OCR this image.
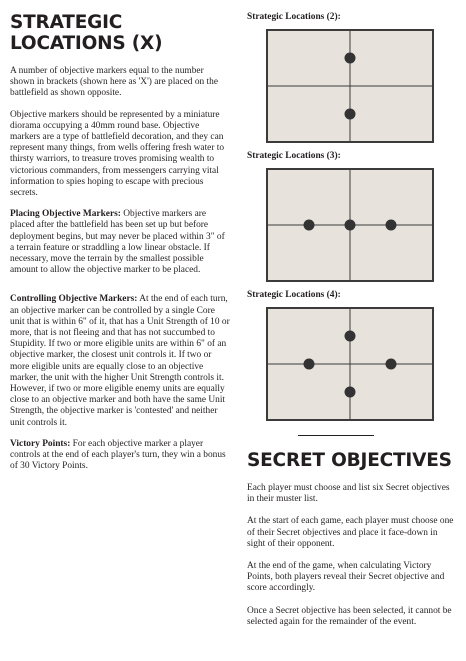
STRATEGIC LOCATIONS (X)

A number of objective markers equal to the number shown in brackets (shown here as 'X') are placed on the battlefield as shown opposite.

Objective markers should be represented by a miniature diorama occupying a 40mm round base. Objective markers are a type of battlefield decoration, and they can represent many things, from wells offering fresh water to thirsty warriors, to treasure troves promising wealth to victorious commanders, from messengers carrying vital information to spies hoping to escape with precious secrets.

Placing Objective Markers: Objective markers are placed after the battlefield has been set up but before deployment begins, but may never be placed within 3" of a terrain feature or straddling a low linear obstacle. If necessary, move the terrain by the smallest possible amount to allow the objective marker to be placed.

Controlling Objective Markers: At the end of each turn, an objective marker can be controlled by a single Core unit that is within 6" of it, that has a Unit Strength of 10 or more, that is not fleeing and that has not succumbed to Stupidity. If two or more eligible units are within 6" of an objective marker, the closest unit controls it. If two or more eligible units are equally close to an objective marker, the unit with the higher Unit Strength controls it. However, if two or more eligible enemy units are equally close to an objective marker and both have the same Unit Strength, the objective marker is 'contested' and neither unit controls it.

Victory Points: For each objective marker a player controls at the end of each player's turn, they win a bonus of 30 Victory Points.

Strategic Locations (2):
Strategic Locations (3):
Strategic Locations (4):
SECRET OBJECTIVES

Each player must choose and list six Secret objectives in their muster list.

At the start of each game, each player must choose one of their Secret objectives and place it face-down in sight of their opponent.

At the end of the game, when calculating Victory Points, both players reveal their Secret objective and score accordingly.

Once a Secret objective has been selected, it cannot be selected again for the remainder of the event.
